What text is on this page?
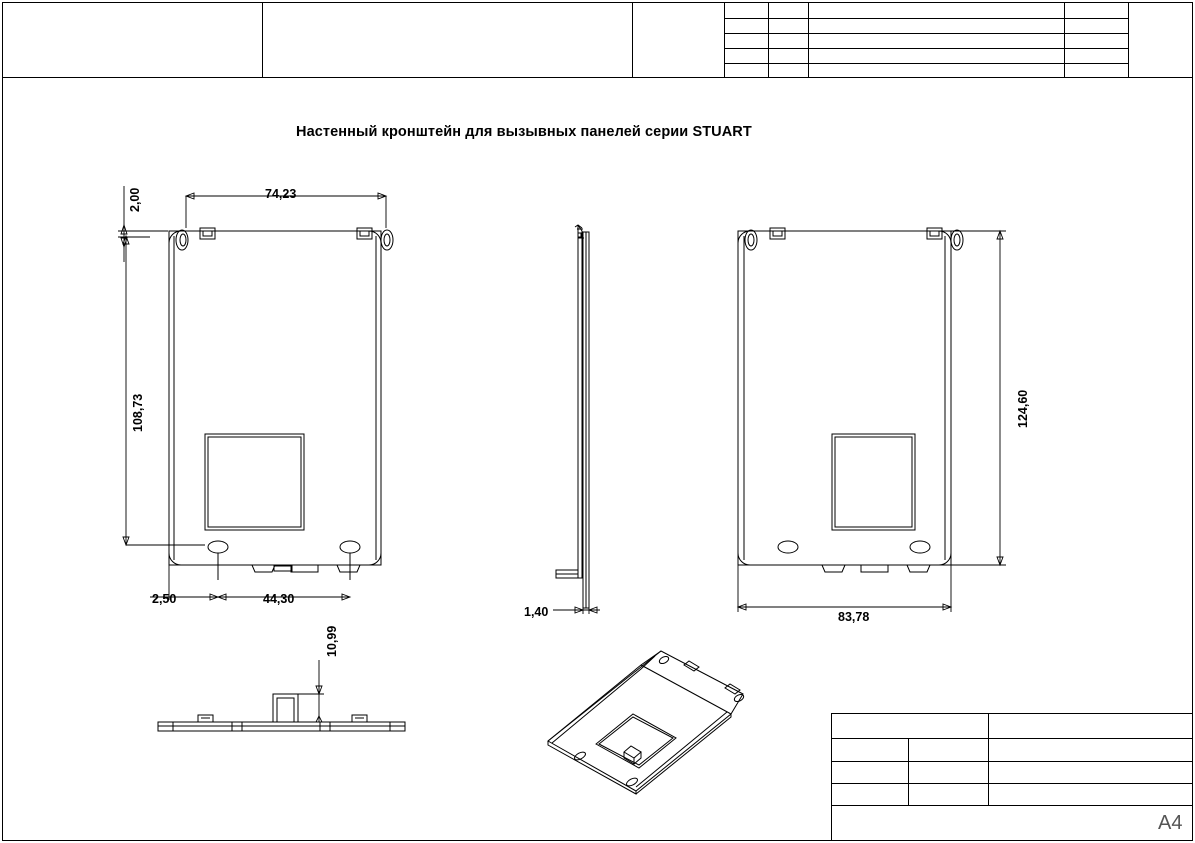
Настенный кронштейн для вызывных панелей серии STUART
A4
2,00	74,23
108,73
2,50	44,30
1,40
124,60
83,78
10,99
